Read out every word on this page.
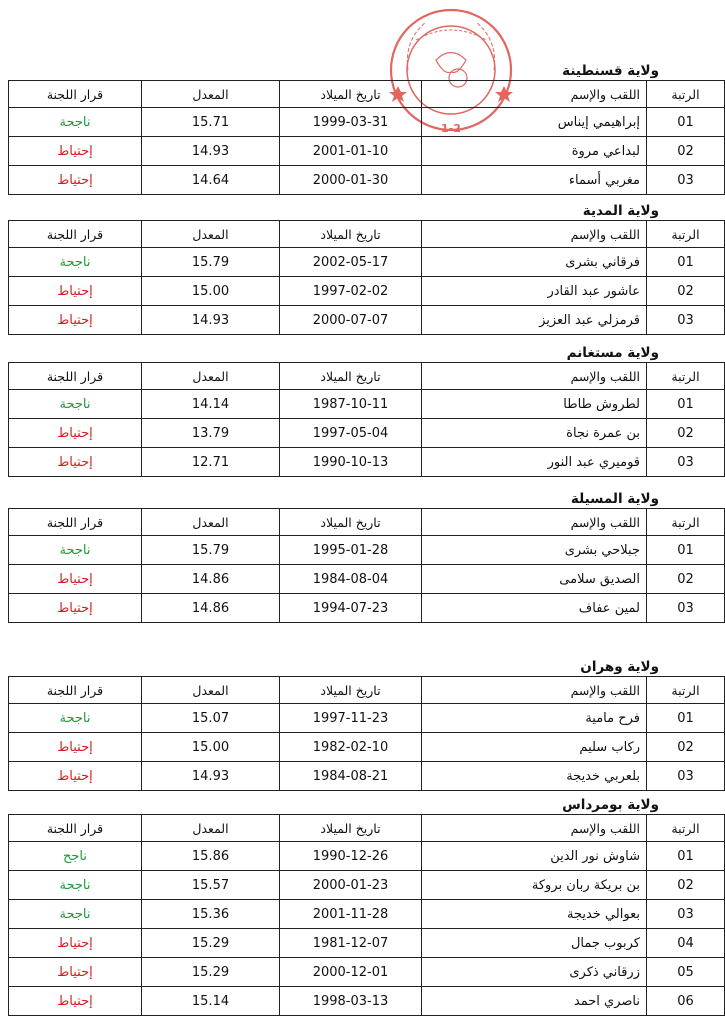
-1-2-
ولاية قسنطينة
قرار اللجنة	المعدل	تاريخ الميلاد	اللقب والإسم	الرتبة
ناجحة	15.71	1999-03-31	إبراهيمي إيناس	01
إحتياط	14.93	2001-01-10	لبداعي مروة	02
إحتياط	14.64	2000-01-30	مغربي أسماء	03
ولاية المدية
قرار اللجنة	المعدل	تاريخ الميلاد	اللقب والإسم	الرتبة
ناجحة	15.79	2002-05-17	فرقاني بشرى	01
إحتياط	15.00	1997-02-02	عاشور عبد القادر	02
إحتياط	14.93	2000-07-07	قرمزلي عبد العزيز	03
ولاية مستغانم
قرار اللجنة	المعدل	تاريخ الميلاد	اللقب والإسم	الرتبة
ناجحة	14.14	1987-10-11	لطروش طاطا	01
إحتياط	13.79	1997-05-04	بن عمرة نجاة	02
إحتياط	12.71	1990-10-13	قوميري عبد النور	03
ولاية المسيلة
قرار اللجنة	المعدل	تاريخ الميلاد	اللقب والإسم	الرتبة
ناجحة	15.79	1995-01-28	جبلاحي بشرى	01
إحتياط	14.86	1984-08-04	الصديق سلامى	02
إحتياط	14.86	1994-07-23	لمين عفاف	03
ولاية وهران
قرار اللجنة	المعدل	تاريخ الميلاد	اللقب والإسم	الرتبة
ناجحة	15.07	1997-11-23	فرح مامية	01
إحتياط	15.00	1982-02-10	ركاب سليم	02
إحتياط	14.93	1984-08-21	بلعربي خديجة	03
ولاية بومرداس
قرار اللجنة	المعدل	تاريخ الميلاد	اللقب والإسم	الرتبة
ناجح	15.86	1990-12-26	شاوش نور الدين	01
ناجحة	15.57	2000-01-23	بن بريكة ربان بروكة	02
ناجحة	15.36	2001-11-28	بعوالي خديجة	03
إحتياط	15.29	1981-12-07	كربوب جمال	04
إحتياط	15.29	2000-12-01	زرقاني ذكرى	05
إحتياط	15.14	1998-03-13	ناصري احمد	06
